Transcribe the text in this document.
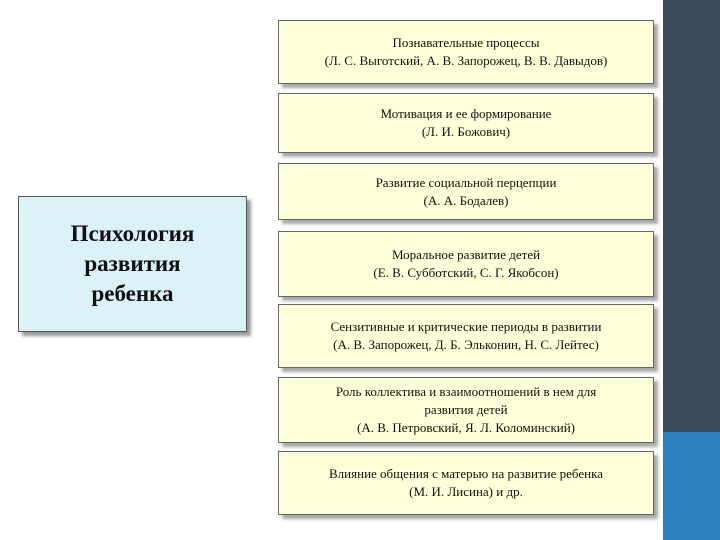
Психология
развития
ребенка
Познавательные процессы
(Л. С. Выготский, А. В. Запорожец, В. В. Давыдов)
Мотивация и ее формирование
(Л. И. Божович)
Развитие социальной перцепции
(А. А. Бодалев)
Моральное развитие детей
(Е. В. Субботский, С. Г. Якобсон)
Сензитивные и критические периоды в развитии
(А. В. Запорожец, Д. Б. Эльконин, Н. С. Лейтес)
Роль коллектива и взаимоотношений в нем для
развития детей
(А. В. Петровский, Я. Л. Коломинский)
Влияние общения с матерью на развитие ребенка
(М. И. Лисина) и др.
